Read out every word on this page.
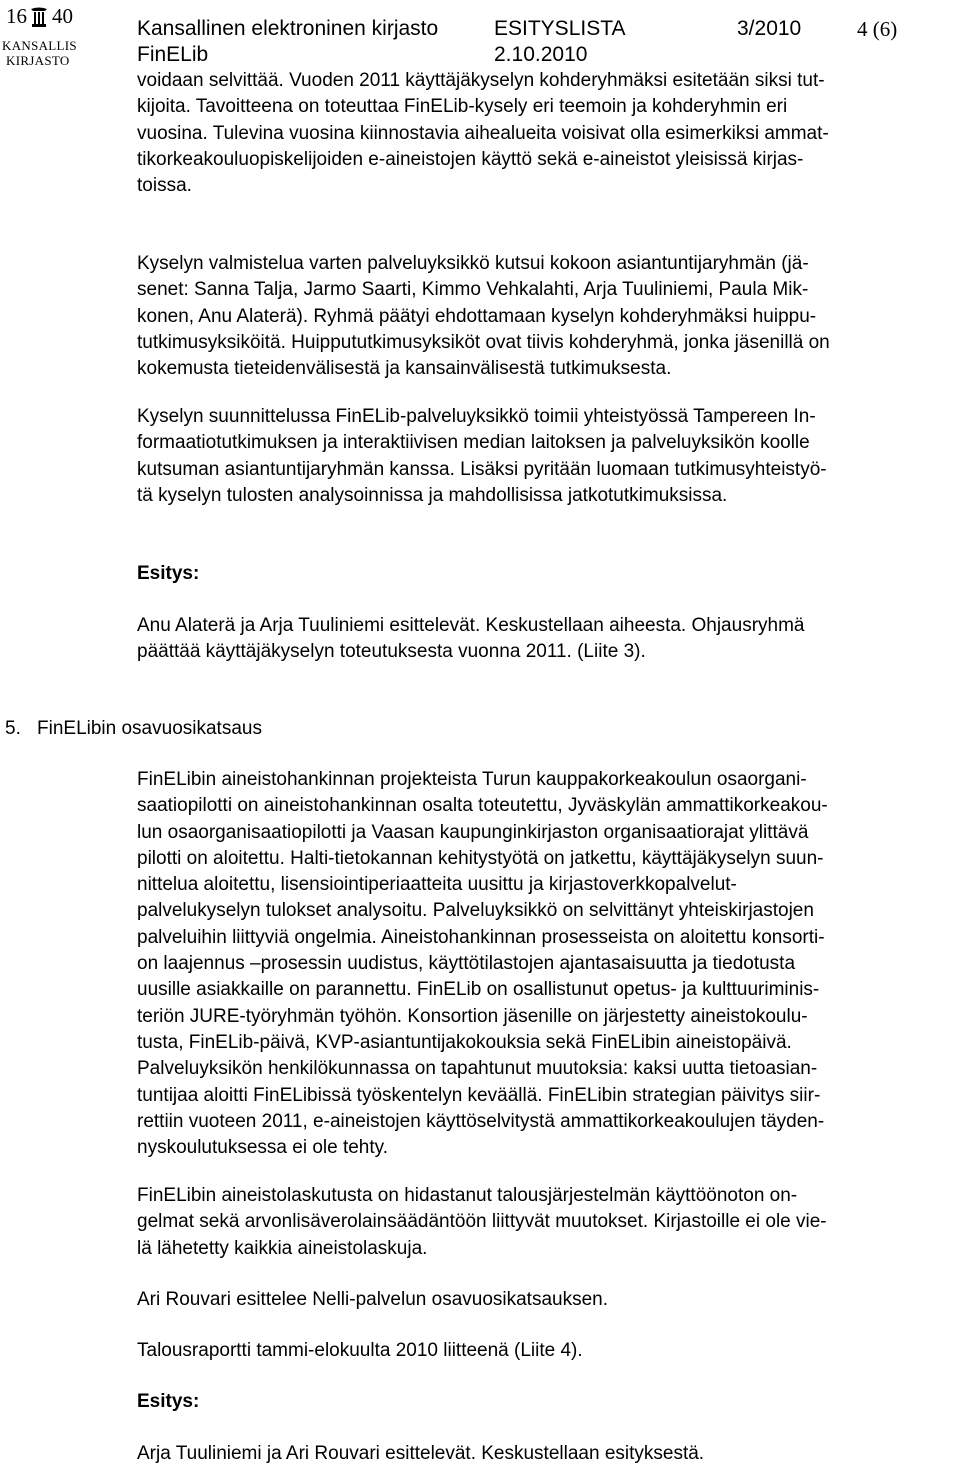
16 40
KANSALLIS
KIRJASTO
Kansallinen elektroninen kirjasto	ESITYSLISTA	3/2010	4 (6)
FinELib	2.10.2010
voidaan selvittää. Vuoden 2011 käyttäjäkyselyn kohderyhmäksi esitetään siksi tut-
kijoita. Tavoitteena on toteuttaa FinELib-kysely eri teemoin ja kohderyhmin eri
vuosina. Tulevina vuosina kiinnostavia aihealueita voisivat olla esimerkiksi ammat-
tikorkeakouluopiskelijoiden e-aineistojen käyttö sekä e-aineistot yleisissä kirjas-
toissa.
Kyselyn valmistelua varten palveluyksikkö kutsui kokoon asiantuntijaryhmän (jä-
senet: Sanna Talja, Jarmo Saarti, Kimmo Vehkalahti, Arja Tuuliniemi, Paula Mik-
konen, Anu Alaterä). Ryhmä päätyi ehdottamaan kyselyn kohderyhmäksi huippu-
tutkimusyksiköitä. Huippututkimusyksiköt ovat tiivis kohderyhmä, jonka jäsenillä on
kokemusta tieteidenvälisestä ja kansainvälisestä tutkimuksesta.
Kyselyn suunnittelussa FinELib-palveluyksikkö toimii yhteistyössä Tampereen In-
formaatiotutkimuksen ja interaktiivisen median laitoksen ja palveluyksikön koolle
kutsuman asiantuntijaryhmän kanssa. Lisäksi pyritään luomaan tutkimusyhteistyö-
tä kyselyn tulosten analysoinnissa ja mahdollisissa jatkotutkimuksissa.
Esitys:
Anu Alaterä ja Arja Tuuliniemi esittelevät. Keskustellaan aiheesta. Ohjausryhmä
päättää käyttäjäkyselyn toteutuksesta vuonna 2011. (Liite 3).
5. FinELibin osavuosikatsaus
FinELibin aineistohankinnan projekteista Turun kauppakorkeakoulun osaorgani-
saatiopilotti on aineistohankinnan osalta toteutettu, Jyväskylän ammattikorkeakou-
lun osaorganisaatiopilotti ja Vaasan kaupunginkirjaston organisaatiorajat ylittävä
pilotti on aloitettu. Halti-tietokannan kehitystyötä on jatkettu, käyttäjäkyselyn suun-
nittelua aloitettu, lisensiointiperiaatteita uusittu ja kirjastoverkkopalvelut-
palvelukyselyn tulokset analysoitu. Palveluyksikkö on selvittänyt yhteiskirjastojen
palveluihin liittyviä ongelmia. Aineistohankinnan prosesseista on aloitettu konsorti-
on laajennus –prosessin uudistus, käyttötilastojen ajantasaisuutta ja tiedotusta
uusille asiakkaille on parannettu. FinELib on osallistunut opetus- ja kulttuuriminis-
teriön JURE-työryhmän työhön. Konsortion jäsenille on järjestetty aineistokoulu-
tusta, FinELib-päivä, KVP-asiantuntijakokouksia sekä FinELibin aineistopäivä.
Palveluyksikön henkilökunnassa on tapahtunut muutoksia: kaksi uutta tietoasian-
tuntijaa aloitti FinELibissä työskentelyn keväällä. FinELibin strategian päivitys siir-
rettiin vuoteen 2011, e-aineistojen käyttöselvitystä ammattikorkeakoulujen täyden-
nyskoulutuksessa ei ole tehty.
FinELibin aineistolaskutusta on hidastanut talousjärjestelmän käyttöönoton on-
gelmat sekä arvonlisäverolainsäädäntöön liittyvät muutokset. Kirjastoille ei ole vie-
lä lähetetty kaikkia aineistolaskuja.
Ari Rouvari esittelee Nelli-palvelun osavuosikatsauksen.
Talousraportti tammi-elokuulta 2010 liitteenä (Liite 4).
Esitys:
Arja Tuuliniemi ja Ari Rouvari esittelevät. Keskustellaan esityksestä.
